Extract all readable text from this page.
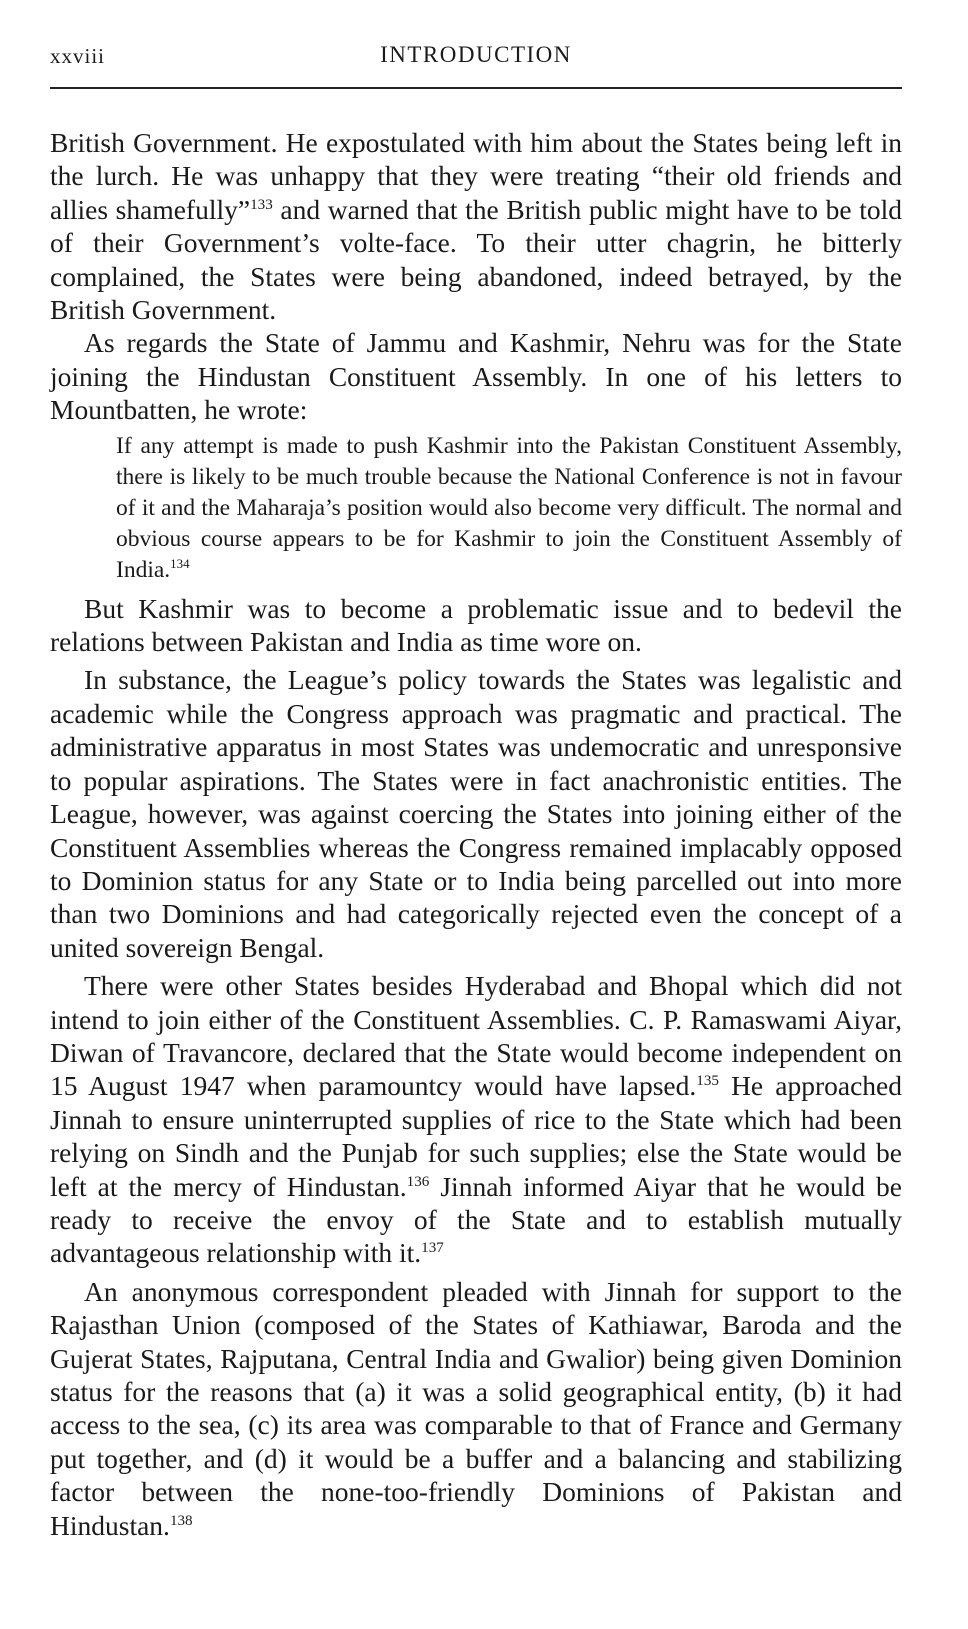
xxviii	INTRODUCTION

British Government. He expostulated with him about the States being left in the lurch. He was unhappy that they were treating “their old friends and allies shamefully”$^{133}$ and warned that the British public might have to be told of their Government’s volte-face. To their utter chagrin, he bitterly complained, the States were being abandoned, indeed betrayed, by the British Government.

As regards the State of Jammu and Kashmir, Nehru was for the State joining the Hindustan Constituent Assembly. In one of his letters to Mountbatten, he wrote:

If any attempt is made to push Kashmir into the Pakistan Constituent Assembly, there is likely to be much trouble because the National Conference is not in favour of it and the Maharaja’s position would also become very difficult. The normal and obvious course appears to be for Kashmir to join the Constituent Assembly of India.$^{134}$

But Kashmir was to become a problematic issue and to bedevil the relations between Pakistan and India as time wore on.

In substance, the League’s policy towards the States was legalistic and academic while the Congress approach was pragmatic and practical. The administrative apparatus in most States was undemocratic and unresponsive to popular aspirations. The States were in fact anachronistic entities. The League, however, was against coercing the States into joining either of the Constituent Assemblies whereas the Congress remained implacably opposed to Dominion status for any State or to India being parcelled out into more than two Dominions and had categorically rejected even the concept of a united sovereign Bengal.

There were other States besides Hyderabad and Bhopal which did not intend to join either of the Constituent Assemblies. C. P. Ramaswami Aiyar, Diwan of Travancore, declared that the State would become independent on 15 August 1947 when paramountcy would have lapsed.$^{135}$ He approached Jinnah to ensure uninterrupted supplies of rice to the State which had been relying on Sindh and the Punjab for such supplies; else the State would be left at the mercy of Hindustan.$^{136}$ Jinnah informed Aiyar that he would be ready to receive the envoy of the State and to establish mutually advantageous relationship with it.$^{137}$

An anonymous correspondent pleaded with Jinnah for support to the Rajasthan Union (composed of the States of Kathiawar, Baroda and the Gujerat States, Rajputana, Central India and Gwalior) being given Dominion status for the reasons that (a) it was a solid geographical entity, (b) it had access to the sea, (c) its area was comparable to that of France and Germany put together, and (d) it would be a buffer and a balancing and stabilizing factor between the none-too-friendly Dominions of Pakistan and Hindustan.$^{138}$
